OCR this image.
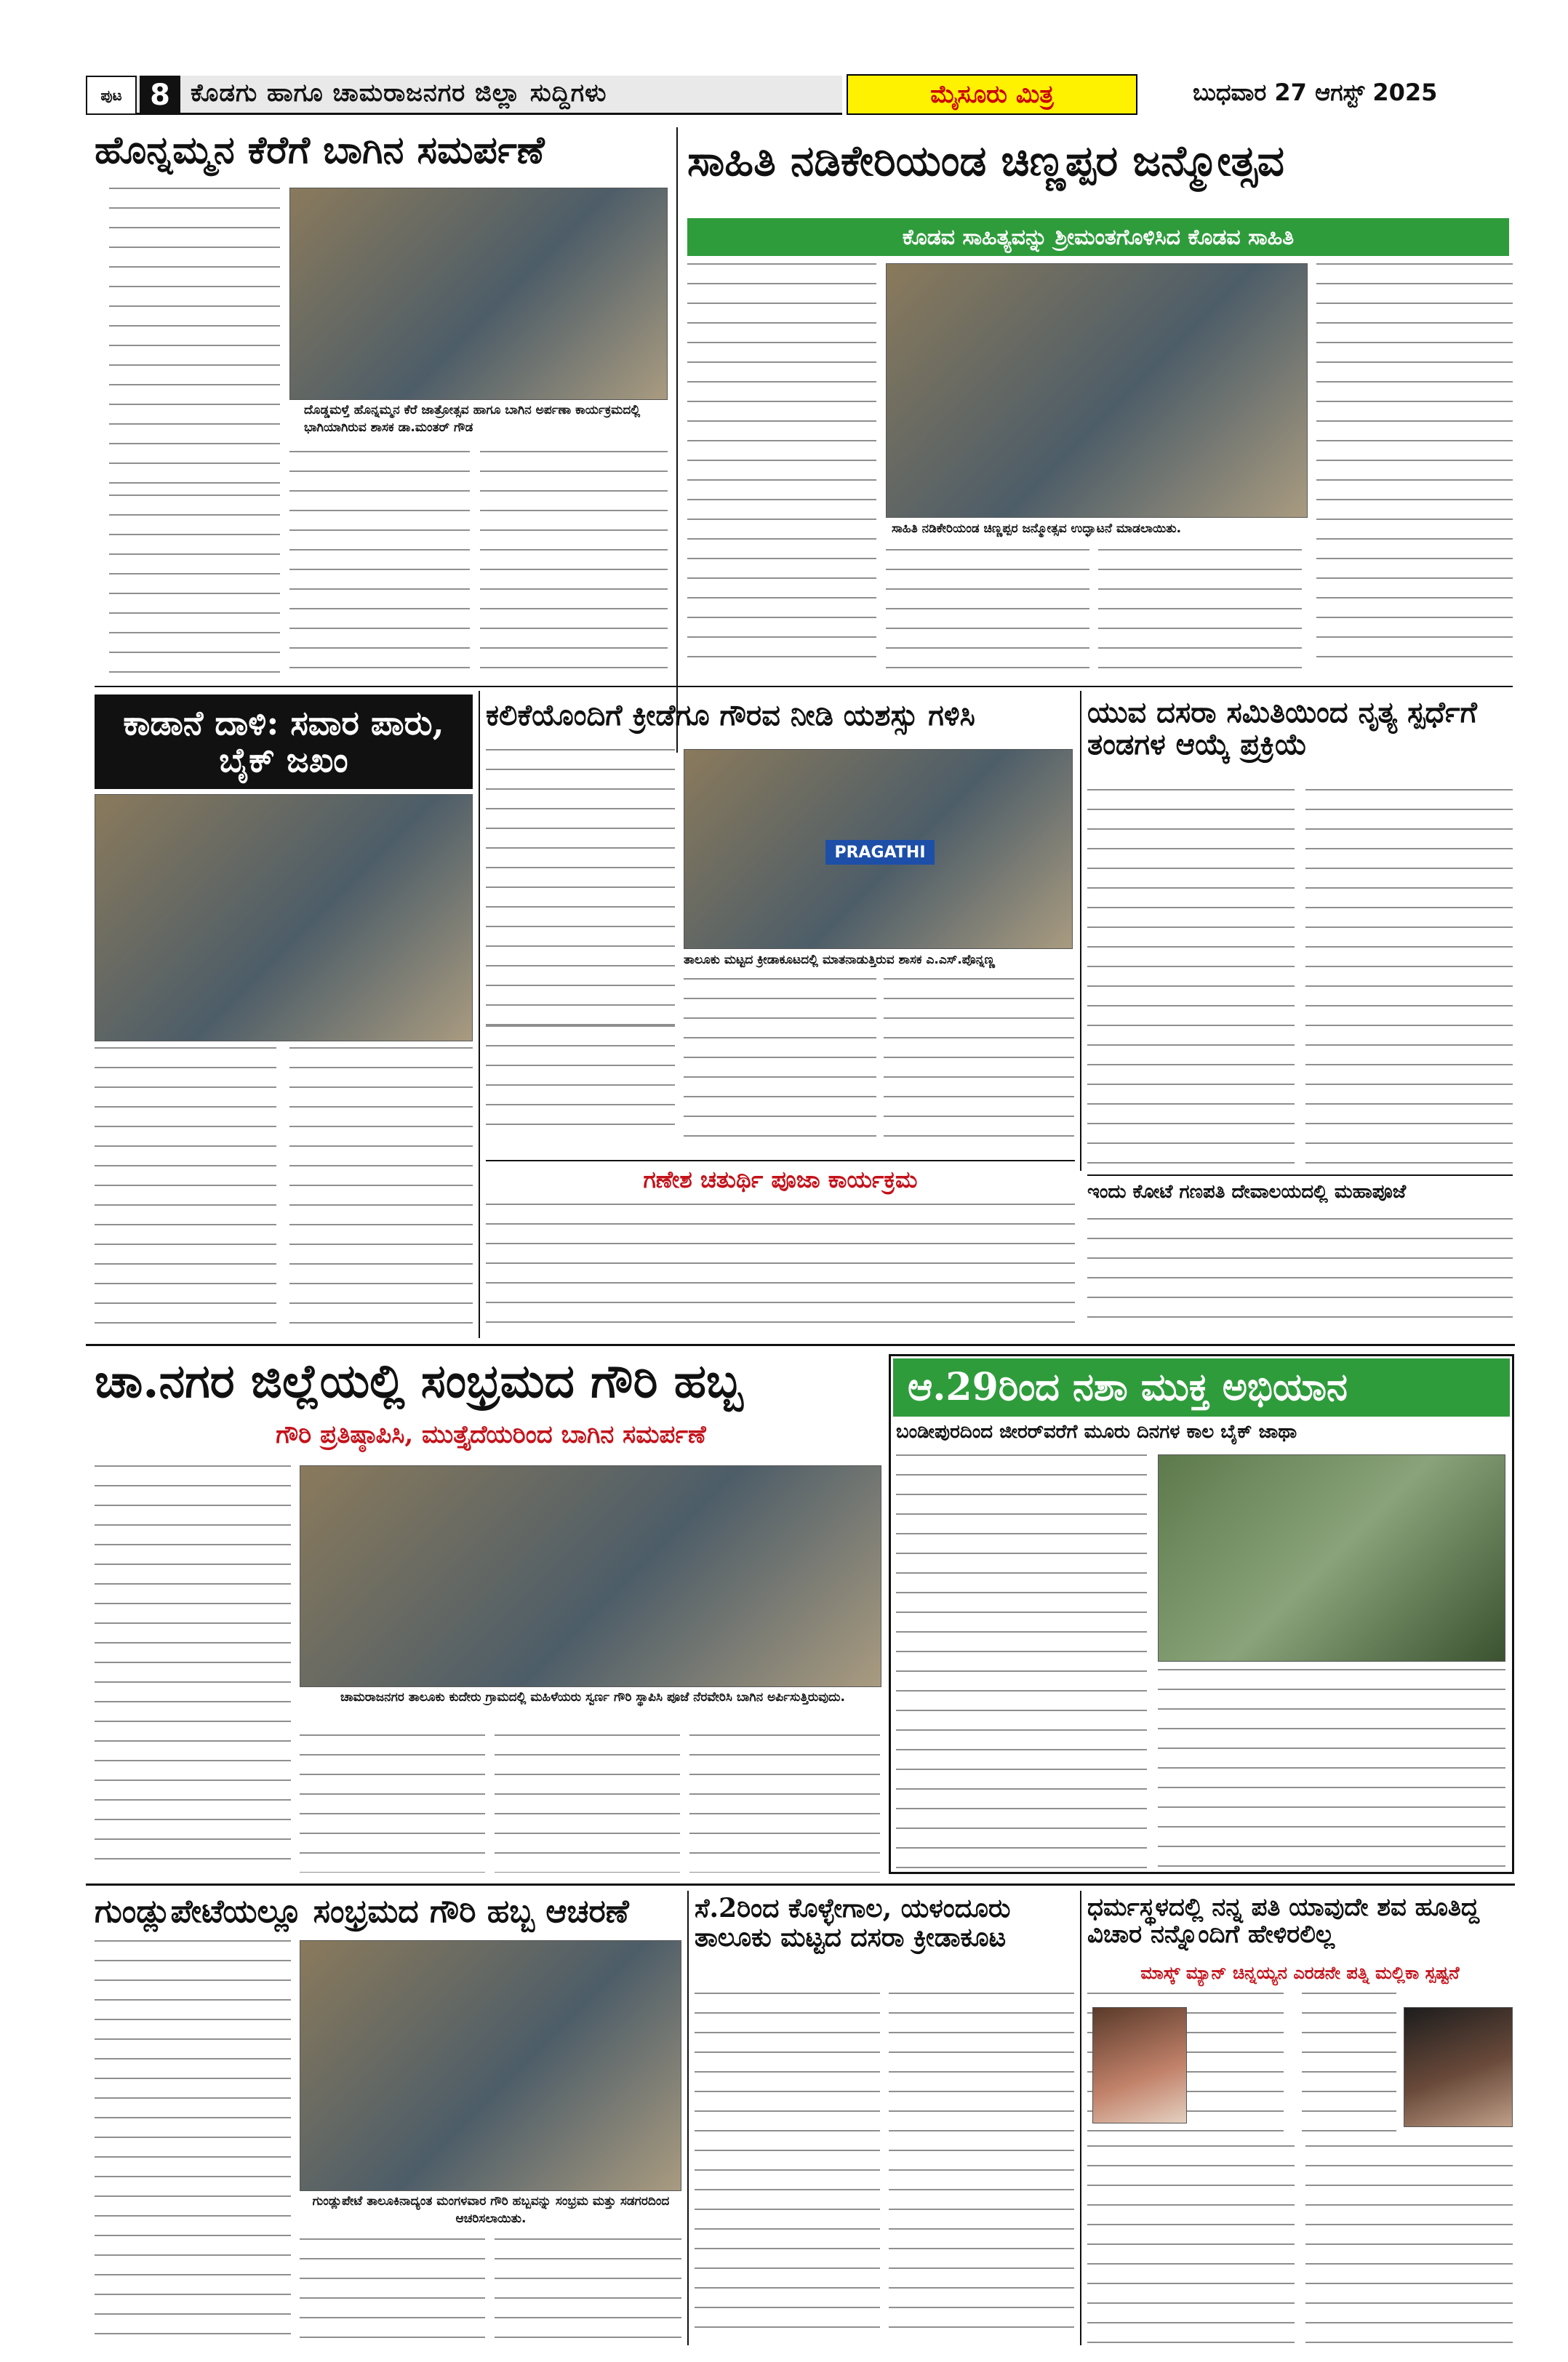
ಪುಟ 8 ಕೊಡಗು ಹಾಗೂ ಚಾಮರಾಜನಗರ ಜಿಲ್ಲಾ ಸುದ್ದಿಗಳು	ಮೈಸೂರು ಮಿತ್ರ	ಬುಧವಾರ 27 ಆಗಸ್ಟ್ 2025
ಹೊನ್ನಮ್ಮನ ಕೆರೆಗೆ ಬಾಗಿನ ಸಮರ್ಪಣೆ
ದೊಡ್ಡಮಳ್ತೆ ಹೊನ್ನಮ್ಮನ ಕೆರೆ ಜಾತ್ರೋತ್ಸವ ಹಾಗೂ ಬಾಗಿನ ಅರ್ಪಣಾ ಕಾರ್ಯಕ್ರಮದಲ್ಲಿ ಭಾಗಿಯಾಗಿರುವ ಶಾಸಕ ಡಾ.ಮಂತರ್ ಗೌಡ
ಸಾಹಿತಿ ನಡಿಕೇರಿಯಂಡ ಚಿಣ್ಣಪ್ಪರ ಜನ್ಮೋತ್ಸವ
ಕೊಡವ ಸಾಹಿತ್ಯವನ್ನು ಶ್ರೀಮಂತಗೊಳಿಸಿದ ಕೊಡವ ಸಾಹಿತಿ
ಸಾಹಿತಿ ನಡಿಕೇರಿಯಂಡ ಚಿಣ್ಣಪ್ಪರ ಜನ್ಮೋತ್ಸವ ಉದ್ಘಾಟನೆ ಮಾಡಲಾಯಿತು.
ಕಾಡಾನೆ ದಾಳಿ: ಸವಾರ ಪಾರು, ಬೈಕ್ ಜಖಂ
ಕಲಿಕೆಯೊಂದಿಗೆ ಕ್ರೀಡೆಗೂ ಗೌರವ ನೀಡಿ ಯಶಸ್ಸು ಗಳಿಸಿ
PRAGATHI
ತಾಲೂಕು ಮಟ್ಟದ ಕ್ರೀಡಾಕೂಟದಲ್ಲಿ ಮಾತನಾಡುತ್ತಿರುವ ಶಾಸಕ ಎ.ಎಸ್.ಪೊನ್ನಣ್ಣ
ಯುವ ದಸರಾ ಸಮಿತಿಯಿಂದ ನೃತ್ಯ ಸ್ಪರ್ಧೆಗೆ ತಂಡಗಳ ಆಯ್ಕೆ ಪ್ರಕ್ರಿಯೆ
ಗಣೇಶ ಚತುರ್ಥಿ ಪೂಜಾ ಕಾರ್ಯಕ್ರಮ	ಇಂದು ಕೋಟೆ ಗಣಪತಿ ದೇವಾಲಯದಲ್ಲಿ ಮಹಾಪೂಜೆ
ಚಾ.ನಗರ ಜಿಲ್ಲೆಯಲ್ಲಿ ಸಂಭ್ರಮದ ಗೌರಿ ಹಬ್ಬ
ಗೌರಿ ಪ್ರತಿಷ್ಠಾಪಿಸಿ, ಮುತ್ತೈದೆಯರಿಂದ ಬಾಗಿನ ಸಮರ್ಪಣೆ
ಚಾಮರಾಜನಗರ ತಾಲೂಕು ಕುದೇರು ಗ್ರಾಮದಲ್ಲಿ ಮಹಿಳೆಯರು ಸ್ವರ್ಣ ಗೌರಿ ಸ್ಥಾಪಿಸಿ ಪೂಜೆ ನೆರವೇರಿಸಿ ಬಾಗಿನ ಅರ್ಪಿಸುತ್ತಿರುವುದು.
ಆ.29ರಿಂದ ನಶಾ ಮುಕ್ತ ಅಭಿಯಾನ
ಬಂಡೀಪುರದಿಂದ ಜೀರರ್‌ವರೆಗೆ ಮೂರು ದಿನಗಳ ಕಾಲ ಬೈಕ್ ಜಾಥಾ
ಗುಂಡ್ಲುಪೇಟೆಯಲ್ಲೂ ಸಂಭ್ರಮದ ಗೌರಿ ಹಬ್ಬ ಆಚರಣೆ
ಗುಂಡ್ಲುಪೇಟೆ ತಾಲೂಕಿನಾದ್ಯಂತ ಮಂಗಳವಾರ ಗೌರಿ ಹಬ್ಬವನ್ನು ಸಂಭ್ರಮ ಮತ್ತು ಸಡಗರದಿಂದ ಆಚರಿಸಲಾಯಿತು.
ಸೆ.2ರಿಂದ ಕೊಳ್ಳೇಗಾಲ, ಯಳಂದೂರು ತಾಲೂಕು ಮಟ್ಟದ ದಸರಾ ಕ್ರೀಡಾಕೂಟ
ಧರ್ಮಸ್ಥಳದಲ್ಲಿ ನನ್ನ ಪತಿ ಯಾವುದೇ ಶವ ಹೂತಿದ್ದ ವಿಚಾರ ನನ್ನೊಂದಿಗೆ ಹೇಳಿರಲಿಲ್ಲ
ಮಾಸ್ಕ್ ಮ್ಯಾನ್ ಚಿನ್ನಯ್ಯನ ಎರಡನೇ ಪತ್ನಿ ಮಲ್ಲಿಕಾ ಸ್ಪಷ್ಟನೆ
